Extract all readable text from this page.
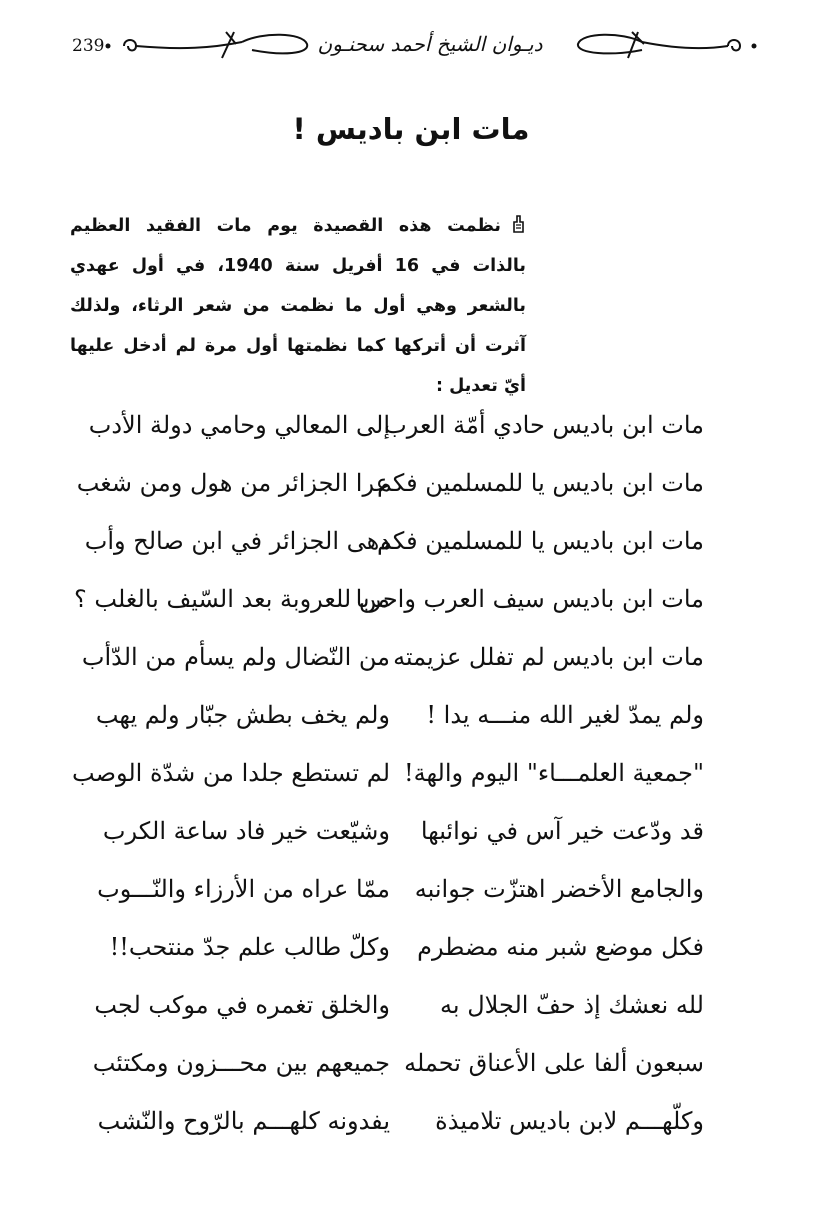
239	ديـوان الشيخ أحمد سحنـون
مات ابن باديس !
نظمت هذه القصيدة يوم مات الفقيد العظيم بالذات في 16 أفريل سنة 1940، في أول عهدي بالشعر وهي أول ما نظمت من شعر الرثاء، ولذلك آثرت أن أتركها كما نظمتها أول مرة لم أدخل عليها أيّ تعديل :
مات ابن باديس حادي أمّة العرب
إلى المعالي وحامي دولة الأدب
مات ابن باديس يا للمسلمين فكم
عرا الجزائر من هول ومن شغب
مات ابن باديس يا للمسلمين فكم
دهى الجزائر في ابن صالح وأب
مات ابن باديس سيف العرب واحربا
من للعروبة بعد السّيف بالغلب ؟
مات ابن باديس لم تفلل عزيمته
من النّضال ولم يسأم من الدّأب
ولم يمدّ لغير الله منـــه يدا !
ولم يخف بطش جبّار ولم يهب
"جمعية العلمـــاء" اليوم والهة!
لم تستطع جلدا من شدّة الوصب
قد ودّعت خير آس في نوائبها
وشيّعت خير فاد ساعة الكرب
والجامع الأخضر اهتزّت جوانبه
ممّا عراه من الأرزاء والنّـــوب
فكل موضع شبر منه مضطرم
وكلّ طالب علم جدّ منتحب!!
لله نعشك إذ حفّ الجلال به
والخلق تغمره في موكب لجب
سبعون ألفا على الأعناق تحمله
جميعهم بين محـــزون ومكتئب
وكلّهـــم لابن باديس تلاميذة
يفدونه كلهـــم بالرّوح والنّشب
